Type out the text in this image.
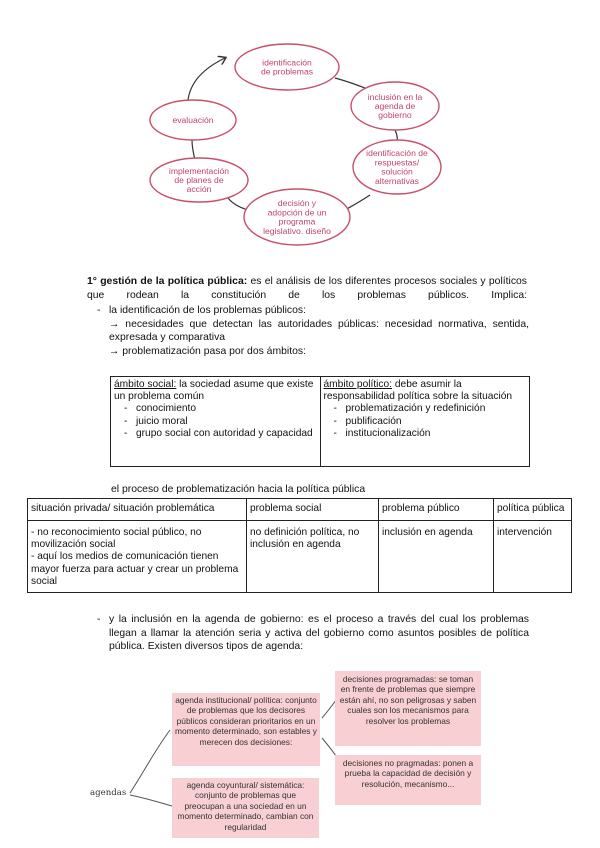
identificación de problemas
inclusión en la agenda de gobierno
identificación de respuestas/ solución alternativas
decisión y adopción de un programa legislativo. diseño
implementación de planes de acción
evaluación
1° gestión de la política pública: es el análisis de los diferentes procesos sociales y políticos que rodean la constitución de los problemas públicos. Implica:
- la identificación de los problemas públicos:
→ necesidades que detectan las autoridades públicas: necesidad normativa, sentida, expresada y comparativa
→ problematización pasa por dos ámbitos:
ámbito social: la sociedad asume que existe un problema común
- conocimiento
- juicio moral
- grupo social con autoridad y capacidad
	ámbito político: debe asumir la responsabilidad política sobre la situación
- problematización y redefinición
- publificación
- institucionalización
el proceso de problematización hacia la política pública
situación privada/ situación problemática	problema social	problema público	política pública
- no reconocimiento social público, no movilización social
- aquí los medios de comunicación tienen mayor fuerza para actuar y crear un problema social	no definición política, no inclusión en agenda	inclusión en agenda	intervención
- y la inclusión en la agenda de gobierno: es el proceso a través del cual los problemas llegan a llamar la atención seria y activa del gobierno como asuntos posibles de política pública. Existen diversos tipos de agenda:
agendas
agenda institucional/ política: conjunto de problemas que los decisores públicos consideran prioritarios en un momento determinado, son estables y merecen dos decisiones:
agenda coyuntural/ sistemática: conjunto de problemas que preocupan a una sociedad en un momento determinado, cambian con regularidad
decisiones programadas: se toman en frente de problemas que siempre están ahí, no son peligrosas y saben cuales son los mecanismos para resolver los problemas
decisiones no pragmadas: ponen a prueba la capacidad de decisión y resolución, mecanismo...
